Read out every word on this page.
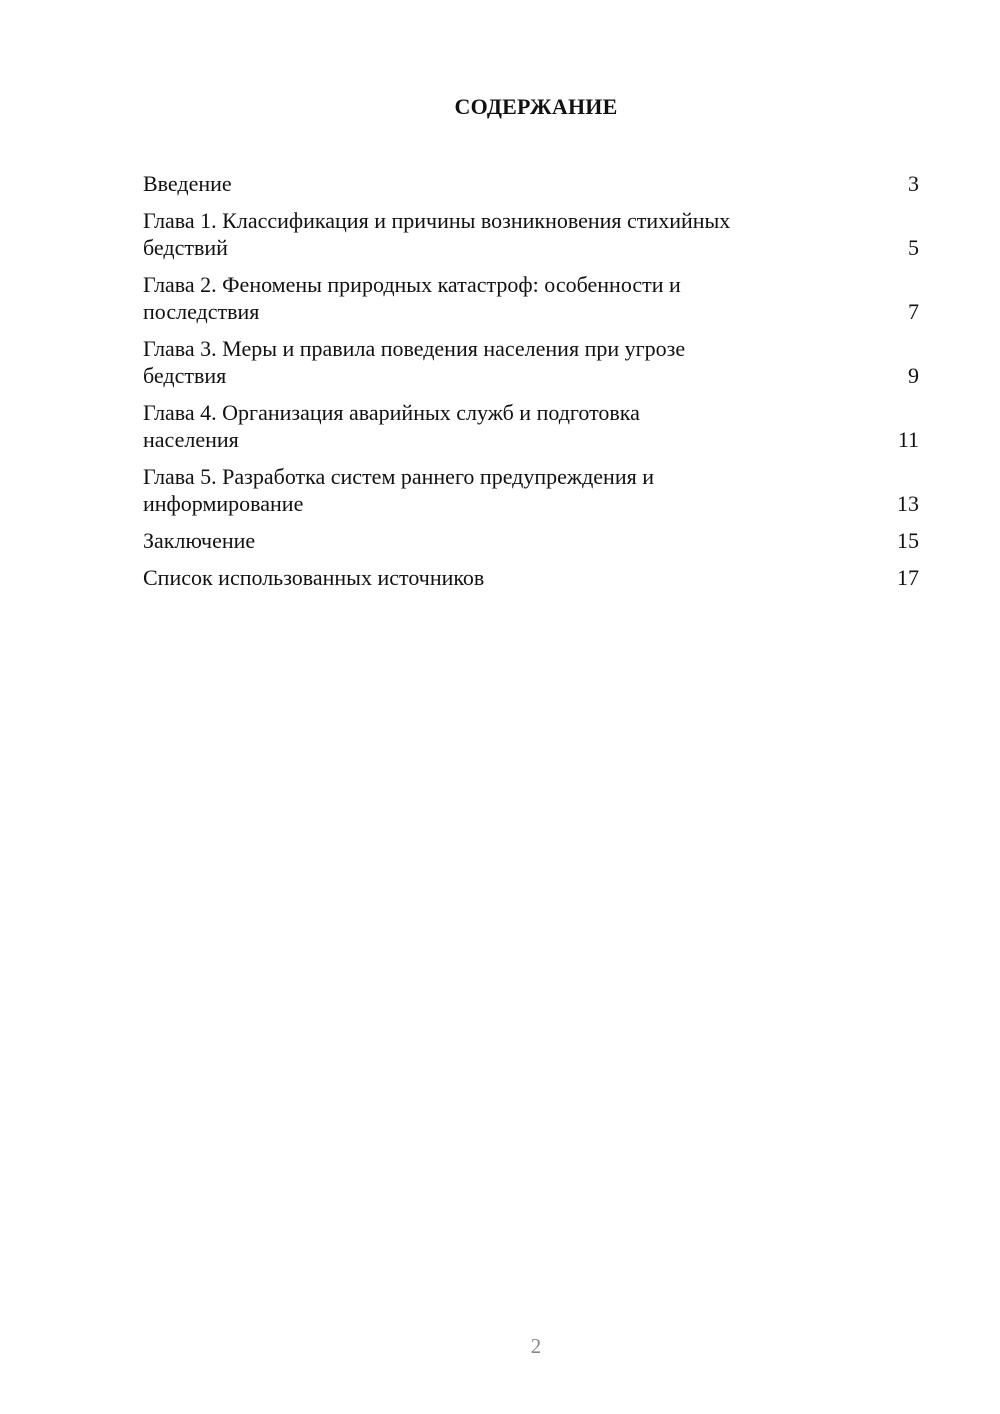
СОДЕРЖАНИЕ
Введение	3
Глава 1. Классификация и причины возникновения стихийных
бедствий	5
Глава 2. Феномены природных катастроф: особенности и
последствия	7
Глава 3. Меры и правила поведения населения при угрозе
бедствия	9
Глава 4. Организация аварийных служб и подготовка
населения	11
Глава 5. Разработка систем раннего предупреждения и
информирование	13
Заключение	15
Список использованных источников	17
2
